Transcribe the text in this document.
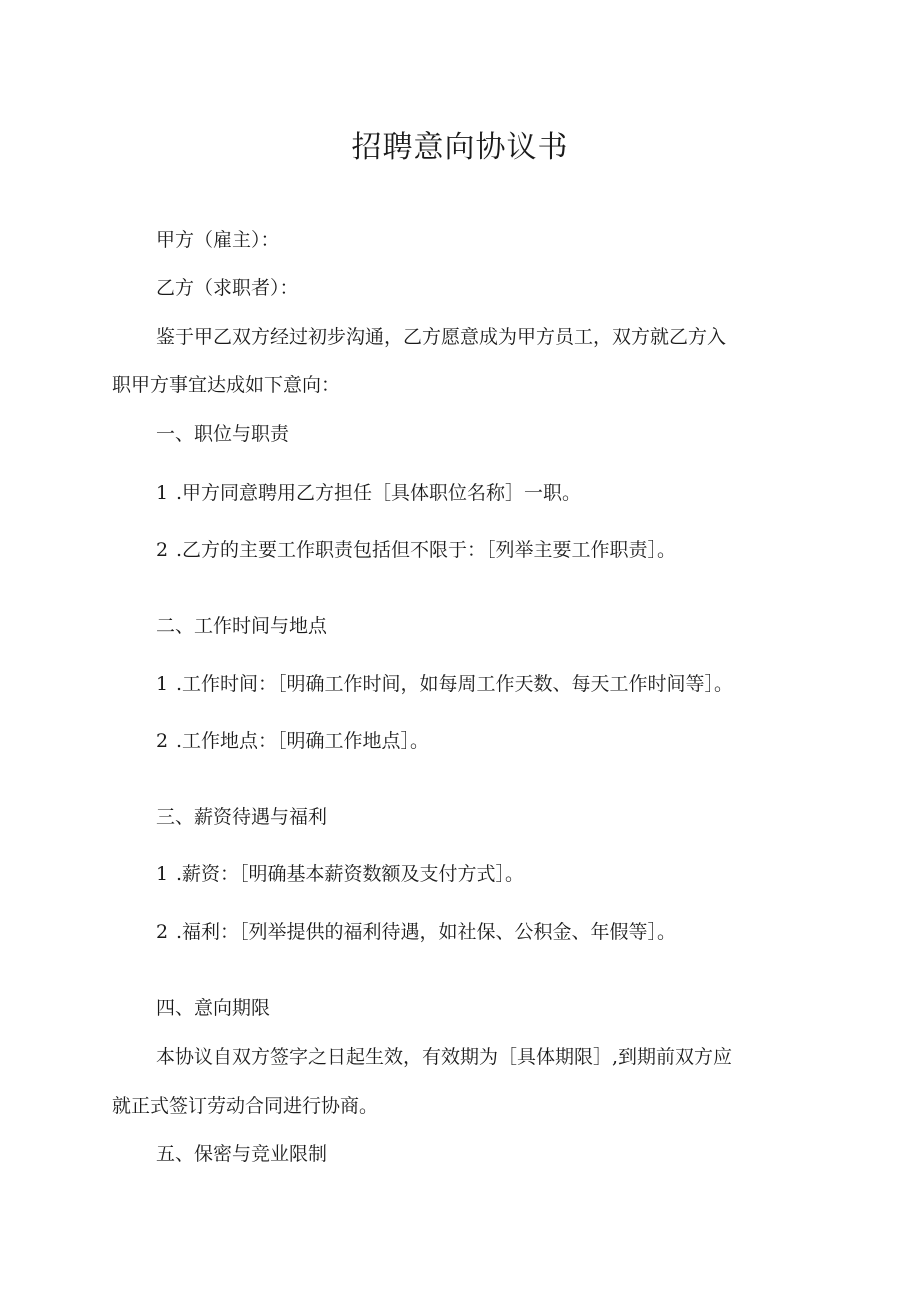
招聘意向协议书

甲方（雇主）：

乙方（求职者）：

鉴于甲乙双方经过初步沟通，乙方愿意成为甲方员工，双方就乙方入

职甲方事宜达成如下意向：

一、职位与职责

1 .甲方同意聘用乙方担任［具体职位名称］一职。

2 .乙方的主要工作职责包括但不限于：［列举主要工作职责］。

二、工作时间与地点

1 .工作时间：［明确工作时间，如每周工作天数、每天工作时间等］。

2 .工作地点：［明确工作地点］。

三、薪资待遇与福利

1 .薪资：［明确基本薪资数额及支付方式］。

2 .福利：［列举提供的福利待遇，如社保、公积金、年假等］。

四、意向期限

本协议自双方签字之日起生效，有效期为［具体期限］,到期前双方应

就正式签订劳动合同进行协商。

五、保密与竞业限制
